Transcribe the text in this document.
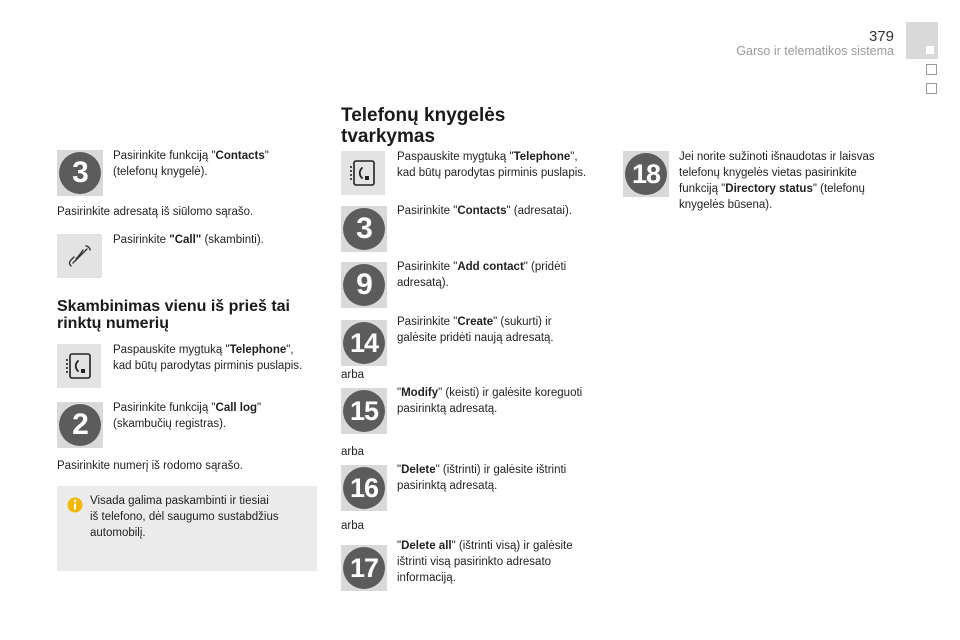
379
Garso ir telematikos sistema
3	Pasirinkite funkciją "Contacts"
(telefonų knygelė).
Pasirinkite adresatą iš siūlomo sąrašo.
Pasirinkite "Call" (skambinti).
Skambinimas vienu iš prieš tai
rinktų numerių
Paspauskite mygtuką "Telephone",
kad būtų parodytas pirminis puslapis.
2	Pasirinkite funkciją "Call log"
(skambučių registras).
Pasirinkite numerį iš rodomo sąrašo.
Visada galima paskambinti ir tiesiai
iš telefono, dėl saugumo sustabdžius
automobilį.
Telefonų knygelės
tvarkymas
Paspauskite mygtuką "Telephone",
kad būtų parodytas pirminis puslapis.
3
Pasirinkite "Contacts" (adresatai).
9
Pasirinkite "Add contact" (pridėti
adresatą).
14
Pasirinkite "Create" (sukurti) ir
galėsite pridėti naują adresatą.
arba
15
"Modify" (keisti) ir galėsite koreguoti
pasirinktą adresatą.
arba
16
"Delete" (ištrinti) ir galėsite ištrinti
pasirinktą adresatą.
arba
17
"Delete all" (ištrinti visą) ir galėsite
ištrinti visą pasirinkto adresato
informaciją.
18
Jei norite sužinoti išnaudotas ir laisvas
telefonų knygelės vietas pasirinkite
funkciją "Directory status" (telefonų
knygelės būsena).
